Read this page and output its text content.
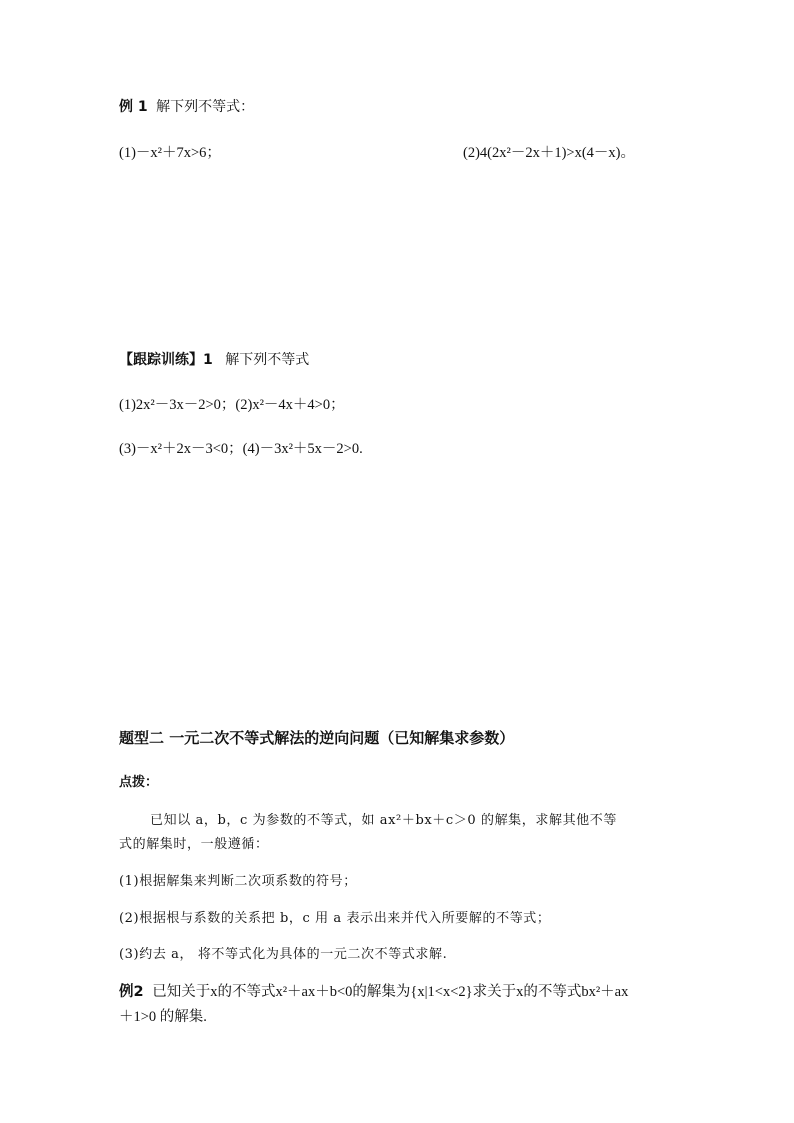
例 1 解下列不等式：
(1)－x²＋7x>6；	(2)4(2x²－2x＋1)>x(4－x)。
【跟踪训练】1 解下列不等式
(1)2x²－3x－2>0；(2)x²－4x＋4>0；
(3)－x²＋2x－3<0；(4)－3x²＋5x－2>0.
题型二 一元二次不等式解法的逆向问题（已知解集求参数）
点拨：
已知以 a，b，c 为参数的不等式，如 ax²＋bx＋c＞0 的解集，求解其他不等
式的解集时，一般遵循：
(1)根据解集来判断二次项系数的符号；
(2)根据根与系数的关系把 b，c 用 a 表示出来并代入所要解的不等式；
(3)约去 a， 将不等式化为具体的一元二次不等式求解.
例2 已知关于x的不等式x²＋ax＋b<0的解集为{x|1<x<2}求关于x的不等式bx²＋ax
＋1>0 的解集.
